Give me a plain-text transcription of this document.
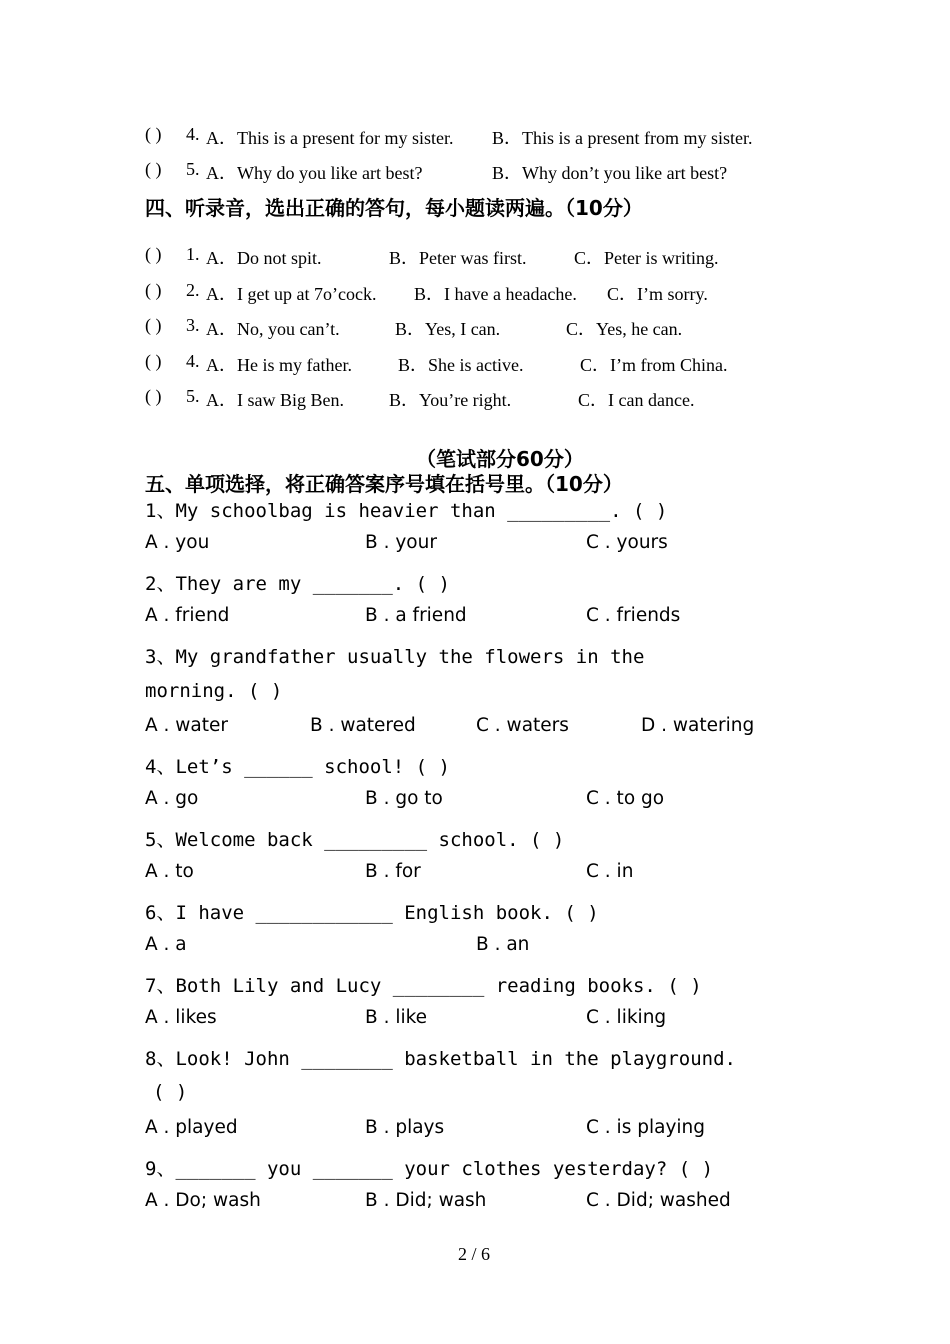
( ) 4. A．This is a present for my sister. B．This is a present from my sister.
( ) 5. A．Why do you like art best?	B．Why don’t you like art best?
四、听录音，选出正确的答句，每小题读两遍。（10分）
( ) 1. A．Do not spit.	B．Peter was first.	C．Peter is writing.
( ) 2. A．I get up at 7o’cock. B．I have a headache. C．I’m sorry.
( ) 3. A．No, you can’t.	B．Yes, I can.	C．Yes, he can.
( ) 4. A．He is my father.	B．She is active.	C．I’m from China.
( ) 5. A．I saw Big Ben.	B．You’re right.	C．I can dance.
（笔试部分60分）
五、单项选择，将正确答案序号填在括号里。（10分）
1、My schoolbag is heavier than _________. ( )
A . you	B . your	C . yours
2、They are my _______. ( )
A . friend	B . a friend	C . friends
3、My grandfather usually the flowers in the
morning. ( )
A . water	B . watered	C . waters	D . watering
4、Let’s ______ school! ( )
A . go	B . go to	C . to go
5、Welcome back _________ school. ( )
A . to	B . for	C . in
6、I have ____________ English book. ( )
A . a	B . an
7、Both Lily and Lucy ________ reading books. ( )
A . likes	B . like	C . liking
8、Look! John ________ basketball in the playground.
( )
A . played	B . plays	C . is playing
9、_______ you _______ your clothes yesterday? ( )
A . Do; wash	B . Did; wash	C . Did; washed
2 / 6
